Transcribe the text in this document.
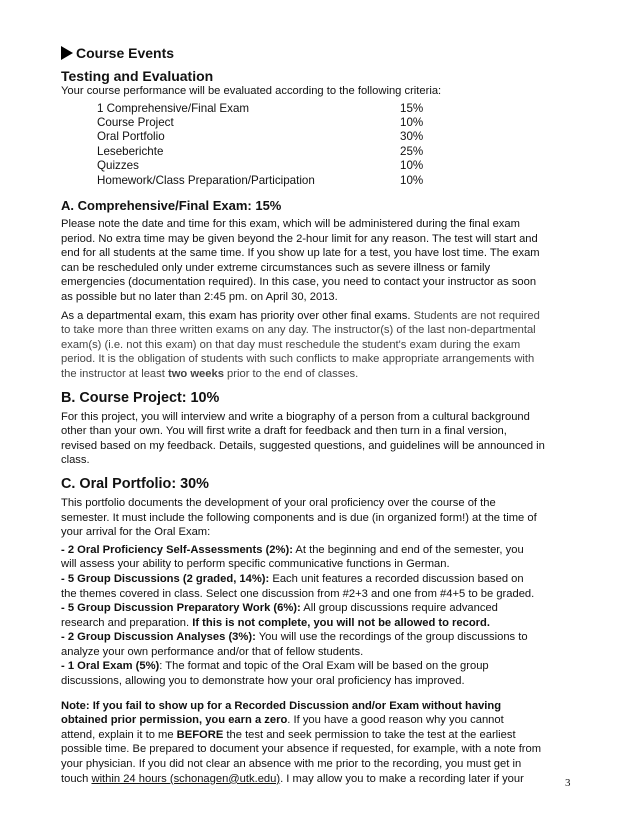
Course Events
Testing and Evaluation

Your course performance will be evaluated according to the following criteria:

1 Comprehensive/Final Exam	15%
Course Project	10%
Oral Portfolio	30%
Leseberichte	25%
Quizzes	10%
Homework/Class Preparation/Participation	10%
A. Comprehensive/Final Exam: 15%

Please note the date and time for this exam, which will be administered during the final exam

period. No extra time may be given beyond the 2-hour limit for any reason. The test will start and

end for all students at the same time. If you show up late for a test, you have lost time. The exam

can be rescheduled only under extreme circumstances such as severe illness or family

emergencies (documentation required). In this case, you need to contact your instructor as soon

as possible but no later than 2:45 pm. on April 30, 2013.

As a departmental exam, this exam has priority over other final exams. Students are not required

to take more than three written exams on any day. The instructor(s) of the last non-departmental

exam(s) (i.e. not this exam) on that day must reschedule the student's exam during the exam

period. It is the obligation of students with such conflicts to make appropriate arrangements with

the instructor at least two weeks prior to the end of classes.

B. Course Project: 10%

For this project, you will interview and write a biography of a person from a cultural background

other than your own. You will first write a draft for feedback and then turn in a final version,

revised based on my feedback. Details, suggested questions, and guidelines will be announced in

class.

C. Oral Portfolio: 30%

This portfolio documents the development of your oral proficiency over the course of the

semester. It must include the following components and is due (in organized form!) at the time of

your arrival for the Oral Exam:

- 2 Oral Proficiency Self-Assessments (2%): At the beginning and end of the semester, you

will assess your ability to perform specific communicative functions in German.

- 5 Group Discussions (2 graded, 14%): Each unit features a recorded discussion based on

the themes covered in class. Select one discussion from #2+3 and one from #4+5 to be graded.

- 5 Group Discussion Preparatory Work (6%): All group discussions require advanced

research and preparation. If this is not complete, you will not be allowed to record.

- 2 Group Discussion Analyses (3%): You will use the recordings of the group discussions to

analyze your own performance and/or that of fellow students.

- 1 Oral Exam (5%): The format and topic of the Oral Exam will be based on the group

discussions, allowing you to demonstrate how your oral proficiency has improved.

Note: If you fail to show up for a Recorded Discussion and/or Exam without having

obtained prior permission, you earn a zero. If you have a good reason why you cannot

attend, explain it to me BEFORE the test and seek permission to take the test at the earliest

possible time. Be prepared to document your absence if requested, for example, with a note from

your physician. If you did not clear an absence with me prior to the recording, you must get in

touch within 24 hours (schonagen@utk.edu). I may allow you to make a recording later if your	3
